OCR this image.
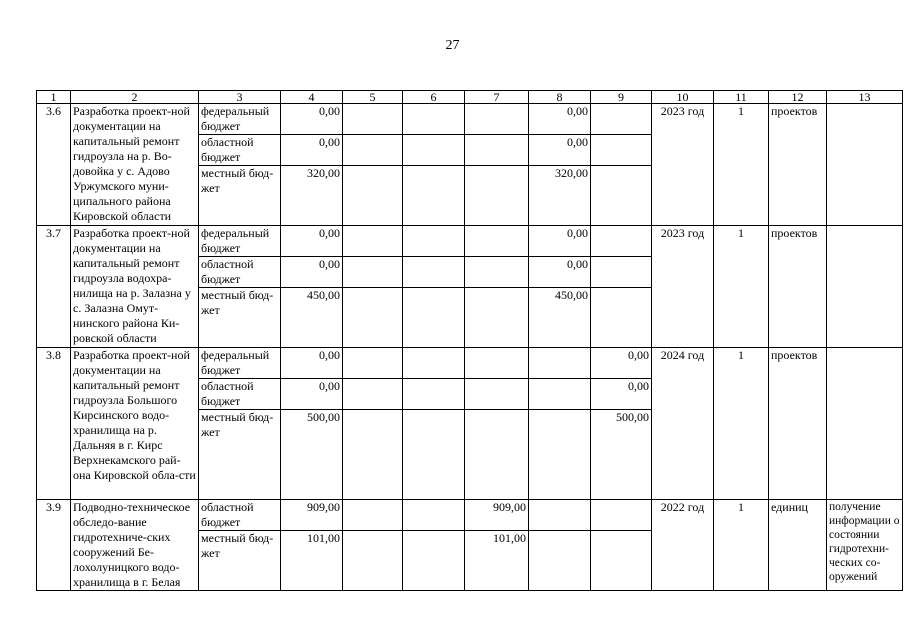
27
1	2	3	4	5	6	7	8	9	10	11	12	13
3.6	Разработка проект-ной документации на капитальный ремонт гидроузла на р. Во-довойка у с. Адово Уржумского муни-ципального района Кировской области	федеральный бюджет	0,00				0,00		2023 год	1	проектов	
		областной бюджет	0,00				0,00					
		местный бюд-жет	320,00				320,00					
3.7	Разработка проект-ной документации на капитальный ремонт гидроузла водохра-нилища на р. Залазна у с. Залазна Омут-нинского района Ки-ровской области	федеральный бюджет	0,00				0,00		2023 год	1	проектов	
		областной бюджет	0,00				0,00					
		местный бюд-жет	450,00				450,00					
3.8	Разработка проект-ной документации на капитальный ремонт гидроузла Большого Кирсинского водо-хранилища на р. Дальняя в г. Кирс Верхнекамского рай-она Кировской обла-сти	федеральный бюджет	0,00					0,00	2024 год	1	проектов	
		областной бюджет	0,00					0,00				
		местный бюд-жет	500,00					500,00				
3.9	Подводно-техническое обследо-вание гидротехниче-ских сооружений Бе-лохолуницкого водо-хранилища в г. Белая	областной бюджет	909,00			909,00			2022 год	1	единиц	получение информации о состоянии гидротехни-ческих со-оружений
		местный бюд-жет	101,00			101,00						
